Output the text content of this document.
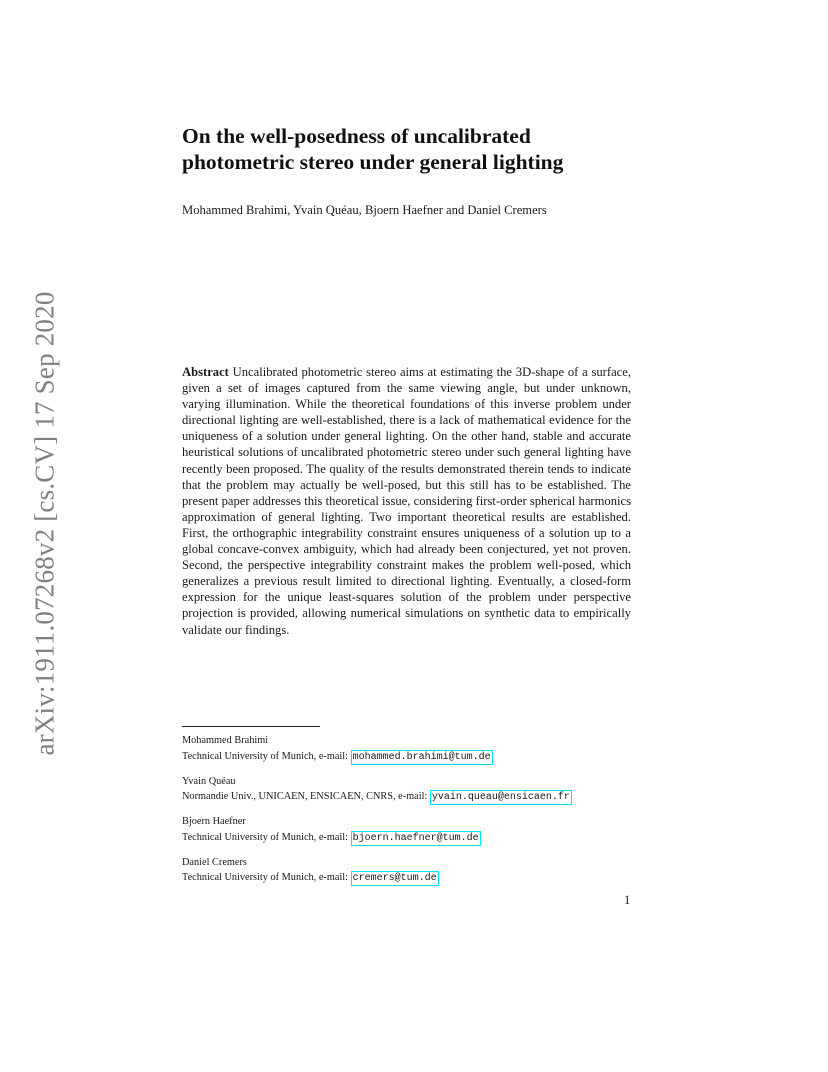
arXiv:1911.07268v2 [cs.CV] 17 Sep 2020
On the well-posedness of uncalibrated
photometric stereo under general lighting

Mohammed Brahimi, Yvain Quéau, Bjoern Haefner and Daniel Cremers

Abstract Uncalibrated photometric stereo aims at estimating the 3D-shape of a surface, given a set of images captured from the same viewing angle, but under unknown, varying illumination. While the theoretical foundations of this inverse problem under directional lighting are well-established, there is a lack of mathematical evidence for the uniqueness of a solution under general lighting. On the other hand, stable and accurate heuristical solutions of uncalibrated photometric stereo under such general lighting have recently been proposed. The quality of the results demonstrated therein tends to indicate that the problem may actually be well-posed, but this still has to be established. The present paper addresses this theoretical issue, considering first-order spherical harmonics approximation of general lighting. Two important theoretical results are established. First, the orthographic integrability constraint ensures uniqueness of a solution up to a global concave-convex ambiguity, which had already been conjectured, yet not proven. Second, the perspective integrability constraint makes the problem well-posed, which generalizes a previous result limited to directional lighting. Eventually, a closed-form expression for the unique least-squares solution of the problem under perspective projection is provided, allowing numerical simulations on synthetic data to empirically validate our findings.

Mohammed Brahimi

Technical University of Munich, e-mail: mohammed.brahimi@tum.de

Yvain Quéau

Normandie Univ., UNICAEN, ENSICAEN, CNRS, e-mail: yvain.queau@ensicaen.fr

Bjoern Haefner

Technical University of Munich, e-mail: bjoern.haefner@tum.de

Daniel Cremers

Technical University of Munich, e-mail: cremers@tum.de

1
